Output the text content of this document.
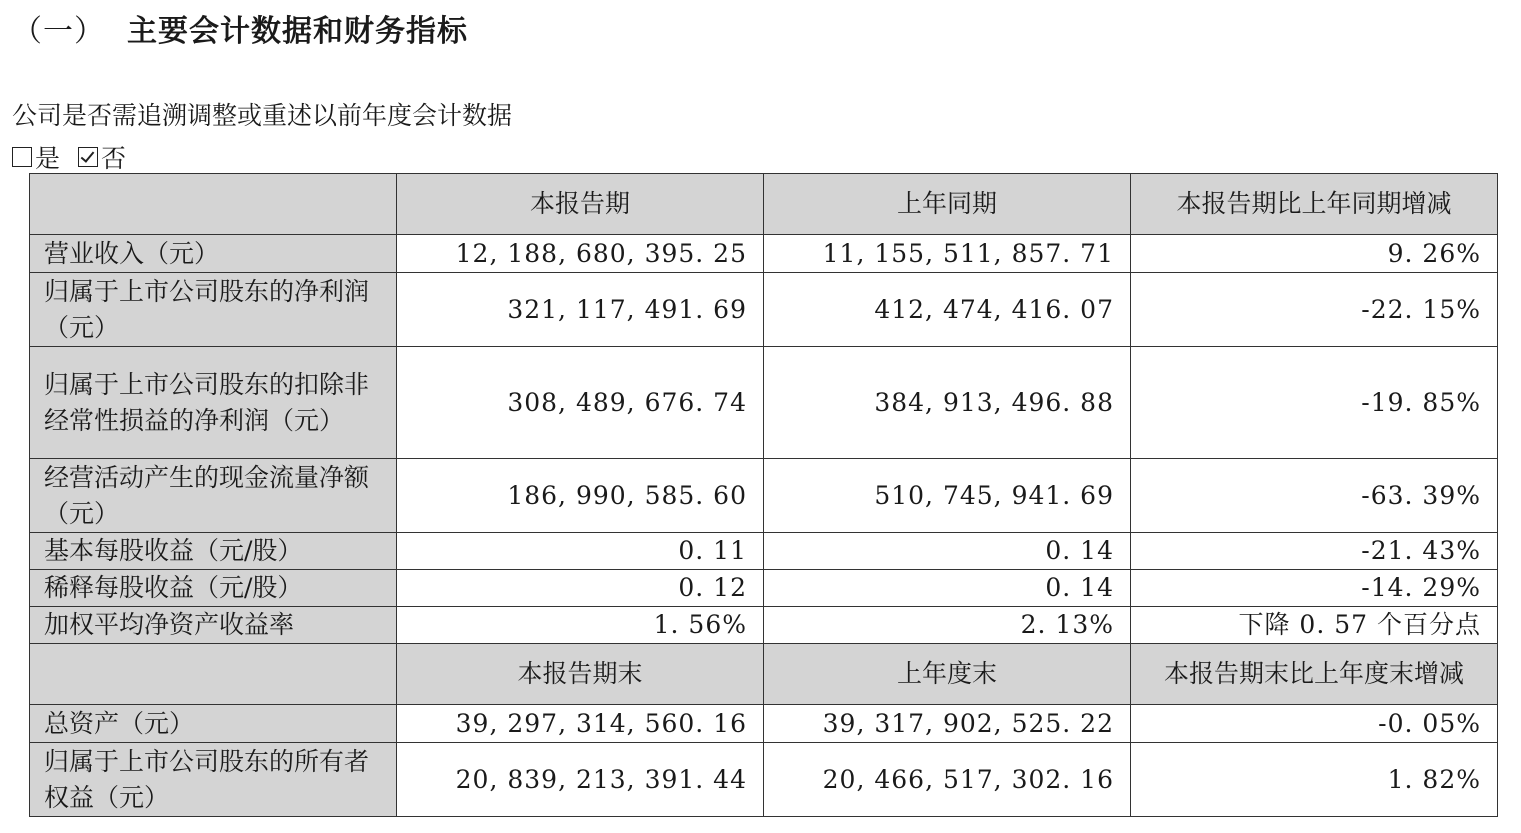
（一） 主要会计数据和财务指标
公司是否需追溯调整或重述以前年度会计数据
是 否
	本报告期	上年同期	本报告期比上年同期增减
营业收入（元）	12, 188, 680, 395. 25	11, 155, 511, 857. 71	9. 26%
归属于上市公司股东的净利润（元）	321, 117, 491. 69	412, 474, 416. 07	-22. 15%
归属于上市公司股东的扣除非经常性损益的净利润（元）	308, 489, 676. 74	384, 913, 496. 88	-19. 85%
经营活动产生的现金流量净额（元）	186, 990, 585. 60	510, 745, 941. 69	-63. 39%
基本每股收益（元/股）	0. 11	0. 14	-21. 43%
稀释每股收益（元/股）	0. 12	0. 14	-14. 29%
加权平均净资产收益率	1. 56%	2. 13%	下降 0. 57 个百分点
	本报告期末	上年度末	本报告期末比上年度末增减
总资产（元）	39, 297, 314, 560. 16	39, 317, 902, 525. 22	-0. 05%
归属于上市公司股东的所有者权益（元）	20, 839, 213, 391. 44	20, 466, 517, 302. 16	1. 82%
